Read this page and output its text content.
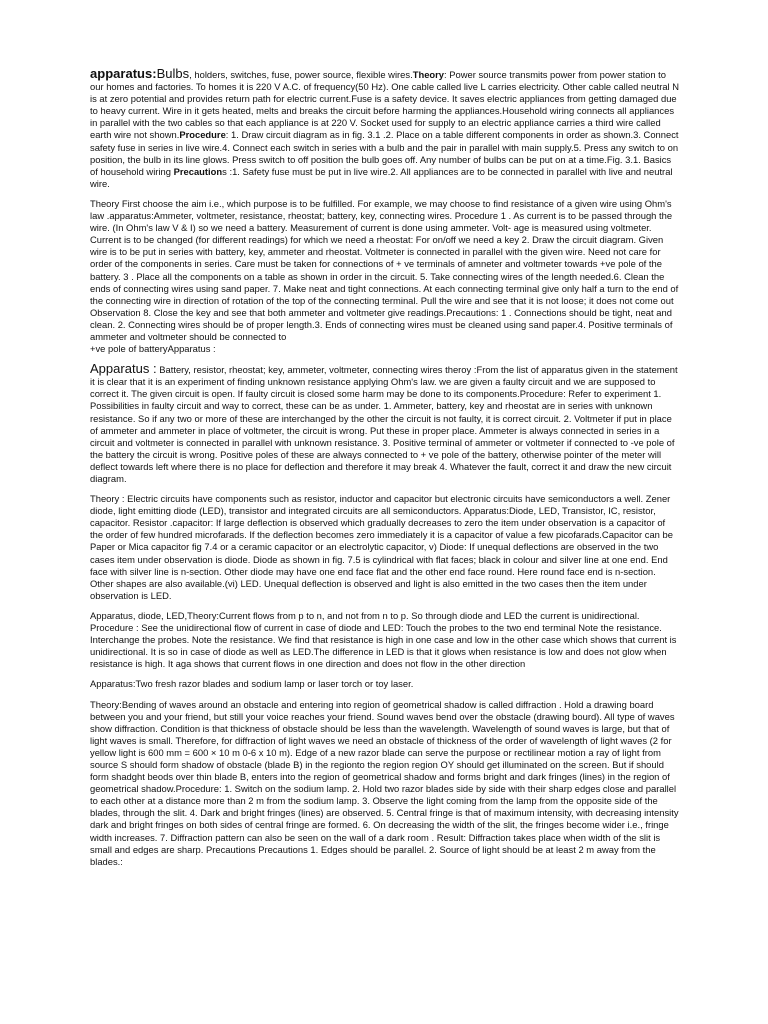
apparatus:Bulbs, holders, switches, fuse, power source, flexible wires.Theory: Power source transmits power from power station to our homes and factories. To homes it is 220 V A.C. of frequency(50 Hz). One cable called live L carries electricity. Other cable called neutral N is at zero potential and provides return path for electric current.Fuse is a safety device. It saves electric appliances from getting damaged due to heavy current. Wire in it gets heated, melts and breaks the circuit before harming the appliances.Household wiring connects all appliances in parallel with the two cables so that each appliance is at 220 V. Socket used for supply to an electric appliance carries a third wire called earth wire not shown.Procedure: 1. Draw circuit diagram as in fig. 3.1 .2. Place on a table different components in order as shown.3. Connect safety fuse in series in live wire.4. Connect each switch in series with a bulb and the pair in parallel with main supply.5. Press any switch to on position, the bulb in its line glows. Press switch to off position the bulb goes off. Any number of bulbs can be put on at a time.Fig. 3.1. Basics of household wiring Precautions :1. Safety fuse must be put in live wire.2. All appliances are to be connected in parallel with live and neutral wire.

Theory First choose the aim i.e., which purpose is to be fulfilled. For example, we may choose to find resistance of a given wire using Ohm's law .apparatus:Ammeter, voltmeter, resistance, rheostat; battery, key, connecting wires. Procedure 1 . As current is to be passed through the wire. (In Ohm's law V & I) so we need a battery. Measurement of current is done using ammeter. Volt- age is measured using voltmeter. Current is to be changed (for different readings) for which we need a rheostat: For on/off we need a key 2. Draw the circuit diagram. Given wire is to be put in series with battery, key, ammeter and rheostat. Voltmeter is connected in parallel with the given wire. Need not care for order of the components in series. Care must be taken for connections of + ve terminals of amneter and voltmeter towards +ve pole of the battery. 3 . Place all the components on a table as shown in order in the circuit. 5. Take connecting wires of the length needed.6. Clean the ends of connecting wires using sand paper. 7. Make neat and tight connections. At each connecting terminal give only half a turn to the end of the connecting wire in direction of rotation of the top of the connecting terminal. Pull the wire and see that it is not loose; it does not come out Observation 8. Close the key and see that both ammeter and voltmeter give readings.Precautions: 1 . Connections should be tight, neat and clean. 2. Connecting wires should be of proper length.3. Ends of connecting wires must be cleaned using sand paper.4. Positive terminals of ammeter and voltmeter should be connected to
+ve pole of batteryApparatus :

Apparatus : Battery, resistor, rheostat; key, ammeter, voltmeter, connecting wires theroy :From the list of apparatus given in the statement it is clear that it is an experiment of finding unknown resistance applying Ohm's law. we are given a faulty circuit and we are supposed to correct it. The given circuit is open. If faulty circuit is closed some harm may be done to its components.Procedure: Refer to experiment 1. Possibilities in faulty circuit and way to correct, these can be as under. 1. Ammeter, battery, key and rheostat are in series with unknown resistance. So if any two or more of these are interchanged by the other the circuit is not faulty, it is correct circuit. 2. Voltmeter if put in place of ammeter and ammeter in place of voltmeter, the circuit is wrong. Put these in proper place. Ammeter is always connected in series in a circuit and voltmeter is connected in parallel with unknown resistance. 3. Positive terminal of ammeter or voltmeter if connected to -ve pole of the battery the circuit is wrong. Positive poles of these are always connected to + ve pole of the battery, otherwise pointer of the meter will deflect towards left where there is no place for deflection and therefore it may break 4. Whatever the fault, correct it and draw the new circuit diagram.

Theory : Electric circuits have components such as resistor, inductor and capacitor but electronic circuits have semiconductors a well. Zener diode, light emitting diode (LED), transistor and integrated circuits are all semiconductors. Apparatus:Diode, LED, Transistor, IC, resistor, capacitor. Resistor .capacitor: If large deflection is observed which gradually decreases to zero the item under observation is a capacitor of the order of few hundred microfarads. If the deflection becomes zero immediately it is a capacitor of value a few picofarads.Capacitor can be Paper or Mica capacitor fig 7.4 or a ceramic capacitor or an electrolytic capacitor, v) Diode: If unequal deflections are observed in the two cases item under observation is diode. Diode as shown in fig. 7.5 is cylindrical with flat faces; black in colour and silver line at one end. End face with silver line is n-section. Other diode may have one end face flat and the other end face round. Here round face end is n-section. Other shapes are also available.(vi) LED. Unequal deflection is observed and light is also emitted in the two cases then the item under observation is LED.

Apparatus, diode, LED,Theory:Current flows from p to n, and not from n to p. So through diode and LED the current is unidirectional. Procedure : See the unidirectional flow of current in case of diode and LED: Touch the probes to the two end terminal Note the resistance. Interchange the probes. Note the resistance. We find that resistance is high in one case and low in the other case which shows that current is unidirectional. It is so in case of diode as well as LED.The difference in LED is that it glows when resistance is low and does not glow when resistance is high. It aga shows that current flows in one direction and does not flow in the other direction

Apparatus:Two fresh razor blades and sodium lamp or laser torch or toy laser.

Theory:Bending of waves around an obstacle and entering into region of geometrical shadow is called diffraction . Hold a drawing board between you and your friend, but still your voice reaches your friend. Sound waves bend over the obstacle (drawing bourd). All type of waves show diffraction. Condition is that thickness of obstacle should be less than the wavelength. Wavelength of sound waves is large, but that of light waves is small. Therefore, for diffraction of light waves we need an obstacle of thickness of the order of wavelength of light waves (2 for yellow light is 600 mm = 600 × 10 m 0-6 x 10 m). Edge of a new razor blade can serve the purpose or rectilinear motion a ray of light from source S should form shadow of obstacle (blade B) in the regionto the region region OY should get illuminated on the screen. But if should form shadght beods over thin blade B, enters into the region of geometrical shadow and forms bright and dark fringes (lines) in the region of geometrical shadow.Procedure: 1. Switch on the sodium lamp. 2. Hold two razor blades side by side with their sharp edges close and parallel to each other at a distance more than 2 m from the sodium lamp. 3. Observe the light coming from the lamp from the opposite side of the blades, through the slit. 4. Dark and bright fringes (lines) are observed. 5. Central fringe is that of maximum intensity, with decreasing intensity dark and bright fringes on both sides of central fringe are formed. 6. On decreasing the width of the slit, the fringes become wider i.e., fringe width increases. 7. Diffraction pattern can also be seen on the wall of a dark room . Result: Diffraction takes place when width of the slit is small and edges are sharp. Precautions Precautions 1. Edges should be parallel. 2. Source of light should be at least 2 m away from the blades.:
